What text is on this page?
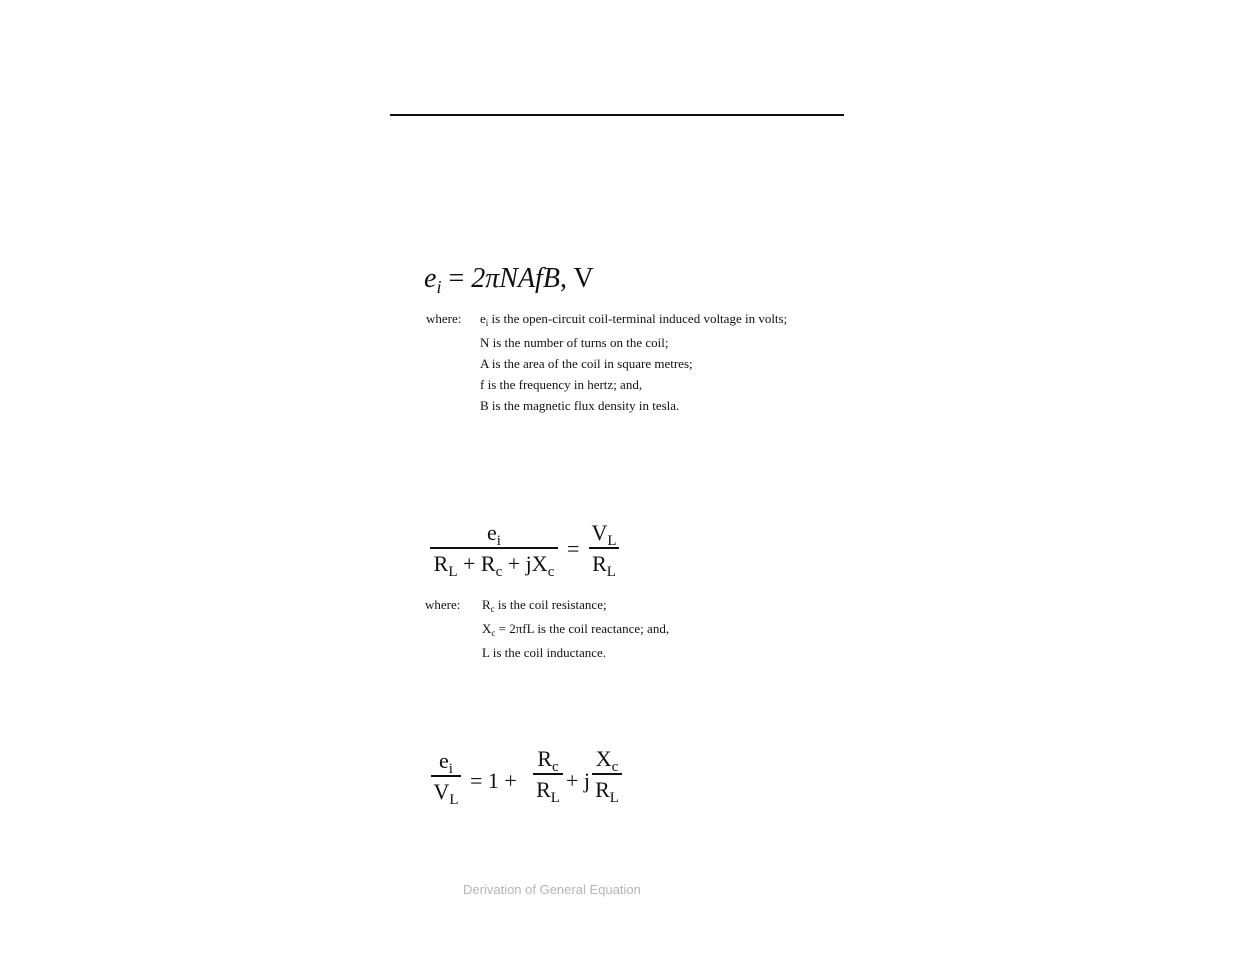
$e_i$ = 2πNAfB, V
where: $e_i$ is the open-circuit coil-terminal induced voltage in volts;
N is the number of turns on the coil;
A is the area of the coil in square metres;
f is the frequency in hertz; and,
B is the magnetic flux density in tesla.
$e_i$
$R_L + R_c + jX_c$
=
$V_L$
$R_L$
where: $R_c$ is the coil resistance;
$X_c = 2\pi fL$ is the coil reactance; and,
L is the coil inductance.
$e_i$
$V_L$
= 1 +
$R_c$
$R_L$
+ j
$X_c$
$R_L$
Derivation of General Equation
